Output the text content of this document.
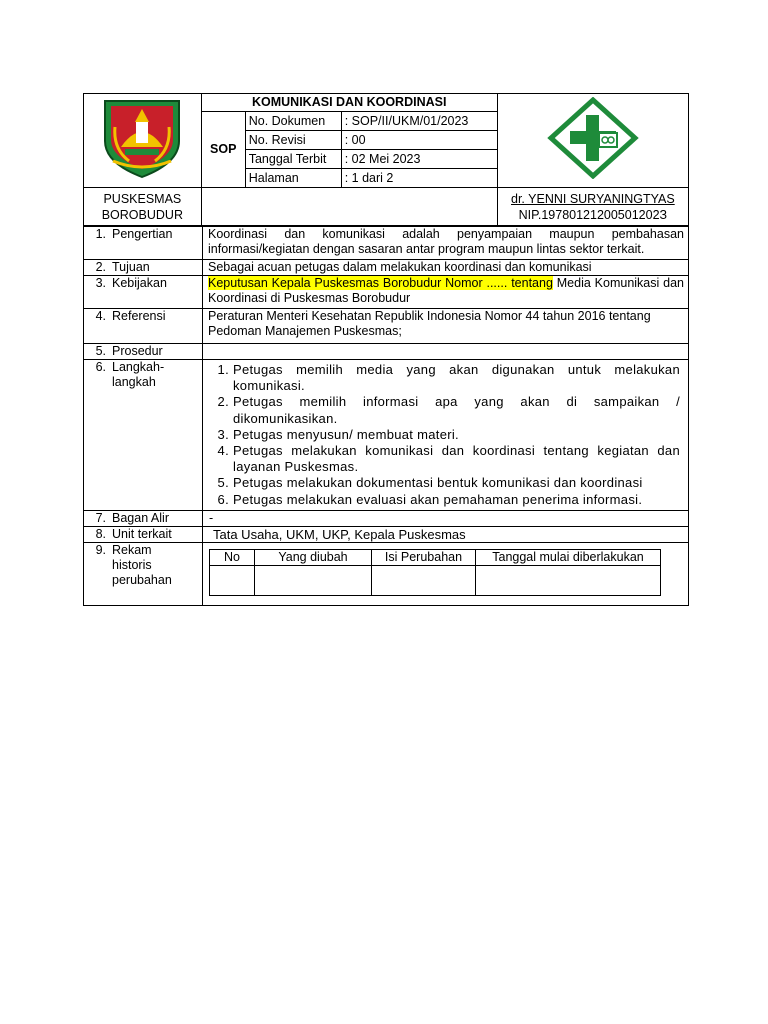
KOMUNIKASI DAN KOORDINASI
SOP
No. Dokumen	: SOP/II/UKM/01/2023
No. Revisi	: 00
Tanggal Terbit	: 02 Mei 2023
Halaman	: 1 dari 2

PUSKESMAS
BOROBUDUR

dr. YENNI SURYANINGTYAS
NIP.19780121200501202З
1. Pengertian	Koordinasi dan komunikasi adalah penyampaian maupun pembahasan informasi/kegiatan dengan sasaran antar program maupun lintas sektor terkait.
2. Tujuan	Sebagai acuan petugas dalam melakukan koordinasi dan komunikasi
3. Kebijakan	Keputusan Kepala Puskesmas Borobudur Nomor ...... tentang Media Komunikasi dan Koordinasi di Puskesmas Borobudur
4. Referensi	Peraturan Menteri Kesehatan Republik Indonesia Nomor 44 tahun 2016 tentang Pedoman Manajemen Puskesmas;
5. Prosedur	

6. Langkah-
langkah

1. Petugas memilih media yang akan digunakan untuk melakukan komunikasi.
2. Petugas memilih informasi apa yang akan di sampaikan / dikomunikasikan.
3. Petugas menyusun/ membuat materi.
4. Petugas melakukan komunikasi dan koordinasi tentang kegiatan dan layanan Puskesmas.
5. Petugas melakukan dokumentasi bentuk komunikasi dan koordinasi
6. Petugas melakukan evaluasi akan pemahaman penerima informasi.

7. Bagan Alir	-
8. Unit terkait	Tata Usaha, UKM, UKP, Kepala Puskesmas

9. Rekam
historis
perubahan

No	Yang diubah	Isi Perubahan	Tanggal mulai diberlakukan
